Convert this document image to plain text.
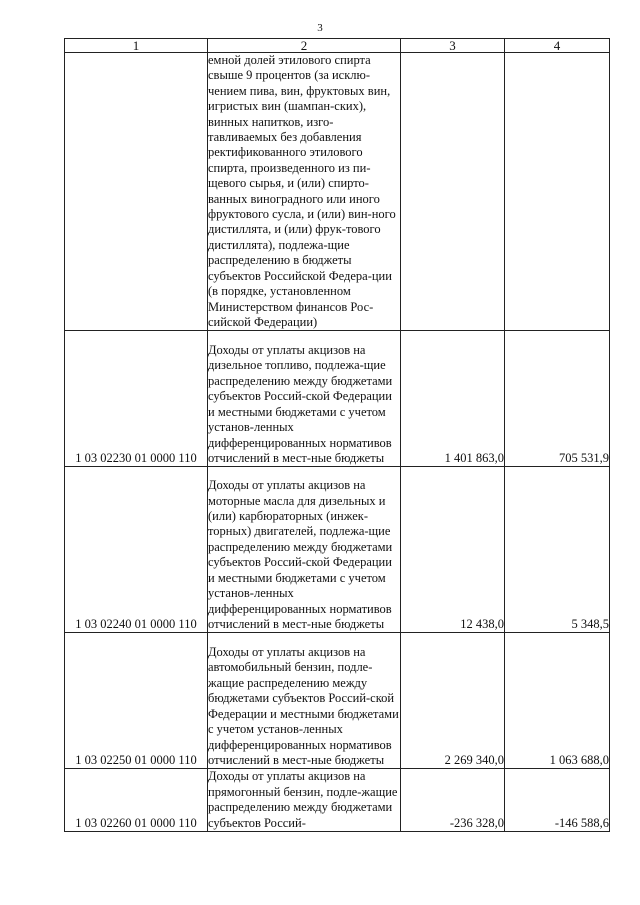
3
1	2	3	4

	емной долей этилового спирта свыше 9 процентов (за исклю-чением пива, вин, фруктовых вин, игристых вин (шампан-ских), винных напитков, изго-тавливаемых без добавления ректификованного этилового спирта, произведенного из пи-щевого сырья, и (или) спирто-ванных виноградного или иного фруктового сусла, и (или) вин-ного дистиллята, и (или) фрук-тового дистиллята), подлежа-щие распределению в бюджеты субъектов Российской Федера-ции (в порядке, установленном Министерством финансов Рос-сийской Федерации)		

1 03 02230 01 0000 110	Доходы от уплаты акцизов на дизельное топливо, подлежа-щие распределению между бюджетами субъектов Россий-ской Федерации и местными бюджетами с учетом установ-ленных дифференцированных нормативов отчислений в мест-ные бюджеты	1 401 863,0	705 531,9
1 03 02240 01 0000 110	Доходы от уплаты акцизов на моторные масла для дизельных и (или) карбюраторных (инжек-торных) двигателей, подлежа-щие распределению между бюджетами субъектов Россий-ской Федерации и местными бюджетами с учетом установ-ленных дифференцированных нормативов отчислений в мест-ные бюджеты	12 438,0	5 348,5
1 03 02250 01 0000 110	Доходы от уплаты акцизов на автомобильный бензин, подле-жащие распределению между бюджетами субъектов Россий-ской Федерации и местными бюджетами с учетом установ-ленных дифференцированных нормативов отчислений в мест-ные бюджеты	2 269 340,0	1 063 688,0
1 03 02260 01 0000 110	Доходы от уплаты акцизов на прямогонный бензин, подле-жащие распределению между бюджетами субъектов Россий-	-236 328,0	-146 588,6
